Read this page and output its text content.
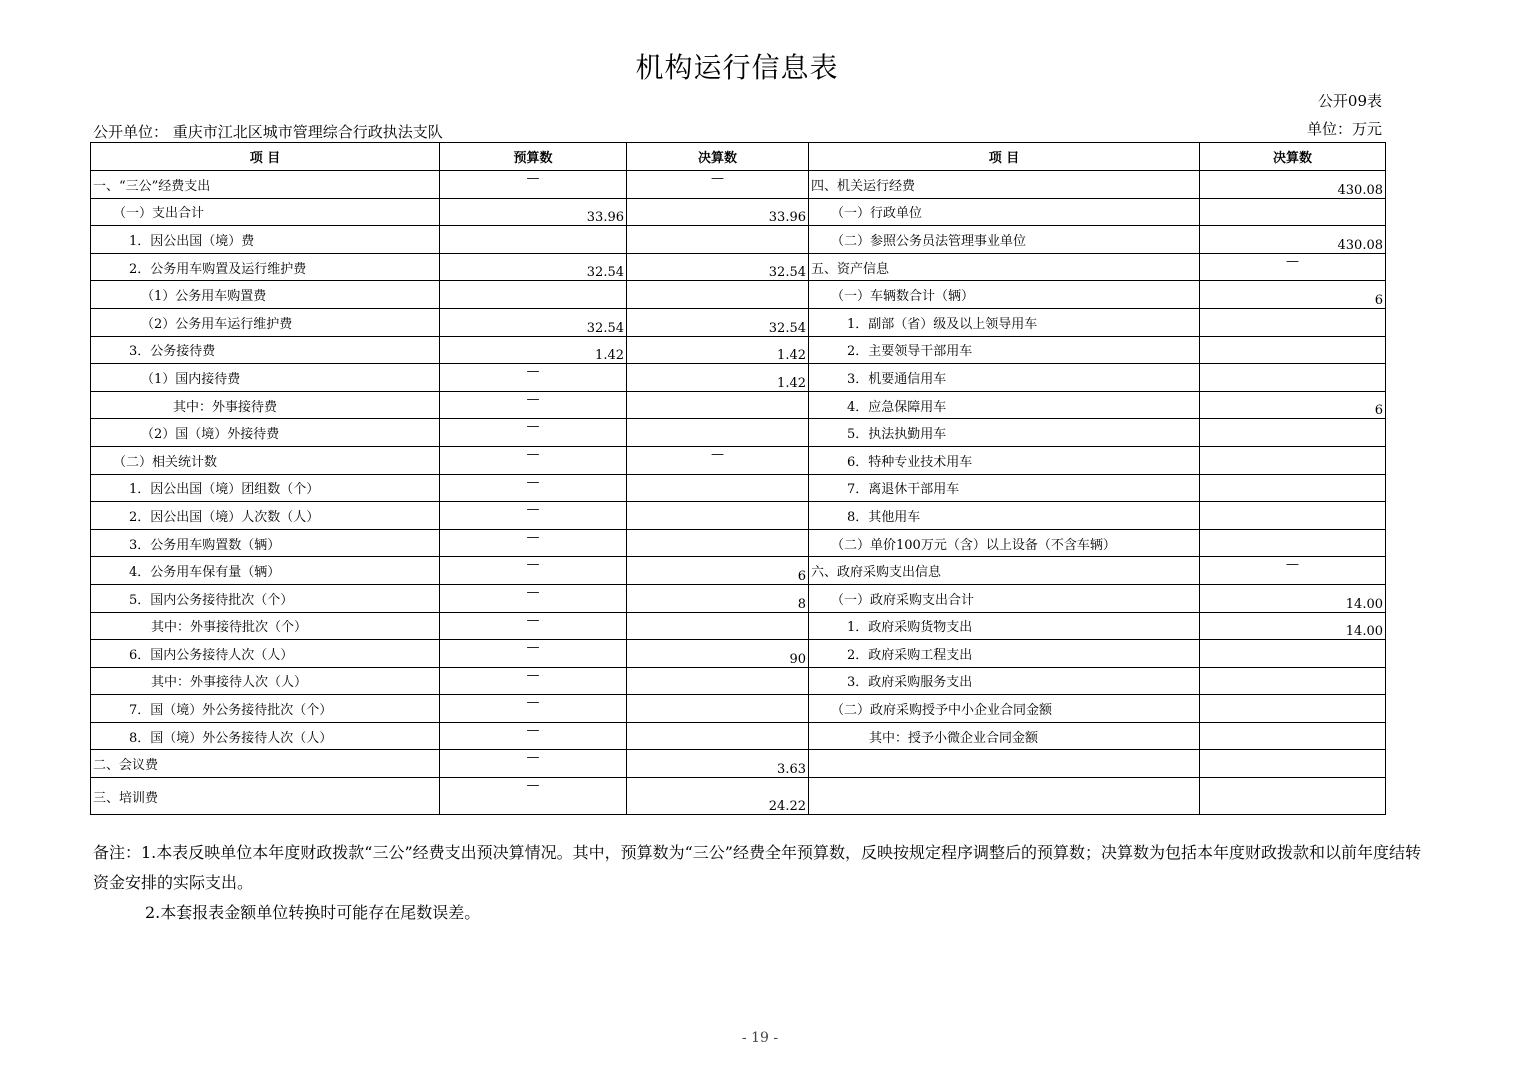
机构运行信息表
公开09表
公开单位： 重庆市江北区城市管理综合行政执法支队	单位：万元
项 目	预算数	决算数	项 目	决算数
一、“三公”经费支出	—	—	四、机关运行经费	430.08
（一）支出合计	33.96	33.96	（一）行政单位	
1．因公出国（境）费			（二）参照公务员法管理事业单位	430.08
2．公务用车购置及运行维护费	32.54	32.54	五、资产信息	—
（1）公务用车购置费			（一）车辆数合计（辆）	6
（2）公务用车运行维护费	32.54	32.54	1．副部（省）级及以上领导用车	
3．公务接待费	1.42	1.42	2．主要领导干部用车	
（1）国内接待费	—	1.42	3．机要通信用车	
其中：外事接待费	—		4．应急保障用车	6
（2）国（境）外接待费	—		5．执法执勤用车	
（二）相关统计数	—	—	6．特种专业技术用车	
1．因公出国（境）团组数（个）	—		7．离退休干部用车	
2．因公出国（境）人次数（人）	—		8．其他用车	
3．公务用车购置数（辆）	—		（二）单价100万元（含）以上设备（不含车辆）	
4．公务用车保有量（辆）	—	6	六、政府采购支出信息	—
5．国内公务接待批次（个）	—	8	（一）政府采购支出合计	14.00
其中：外事接待批次（个）	—		1．政府采购货物支出	14.00
6．国内公务接待人次（人）	—	90	2．政府采购工程支出	
其中：外事接待人次（人）	—		3．政府采购服务支出	
7．国（境）外公务接待批次（个）	—		（二）政府采购授予中小企业合同金额	
8．国（境）外公务接待人次（人）	—		其中：授予小微企业合同金额	
二、会议费	—	3.63		
三、培训费	—	24.22		
备注：1.本表反映单位本年度财政拨款“三公”经费支出预决算情况。其中，预算数为“三公”经费全年预算数，反映按规定程序调整后的预算数；决算数为包括本年度财政拨款和以前年度结转资金安排的实际支出。
2.本套报表金额单位转换时可能存在尾数误差。
- 19 -
